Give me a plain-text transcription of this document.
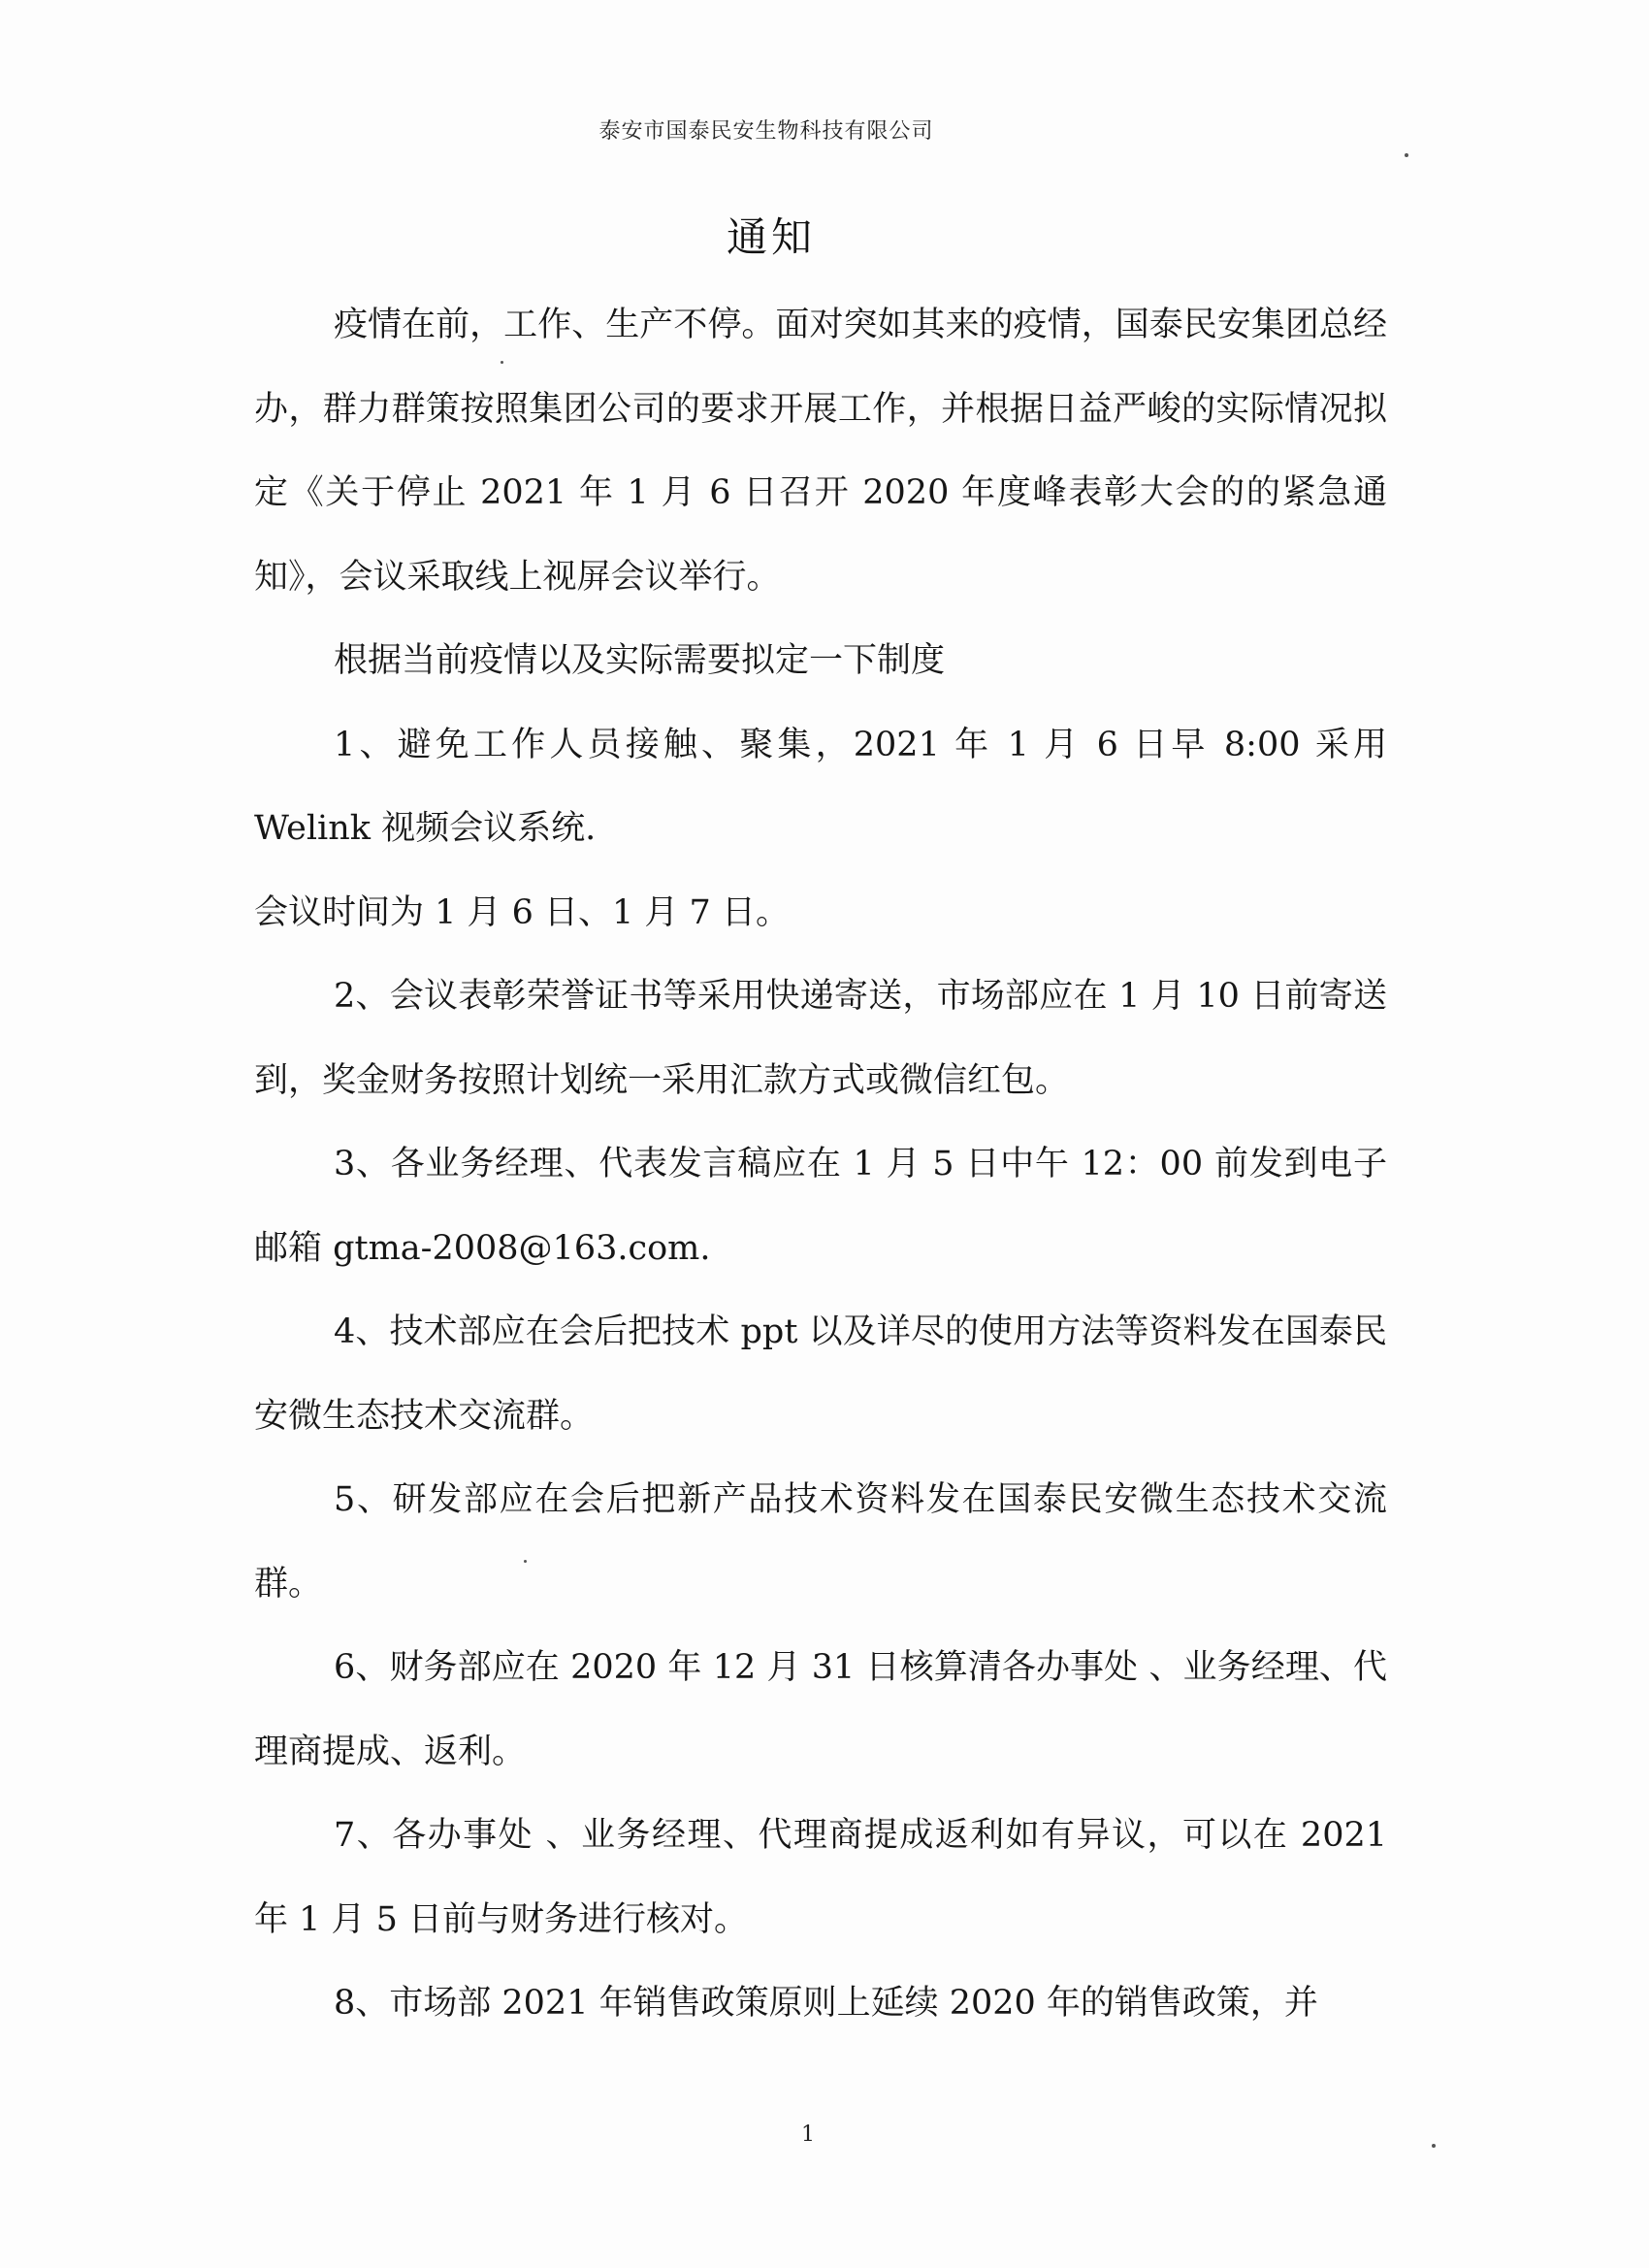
泰安市国泰民安生物科技有限公司
通知

疫情在前，工作、生产不停。面对突如其来的疫情，国泰民安集团总经办，群力群策按照集团公司的要求开展工作，并根据日益严峻的实际情况拟定《关于停止 2021 年 1 月 6 日召开 2020 年度峰表彰大会的的紧急通知》，会议采取线上视屏会议举行。

根据当前疫情以及实际需要拟定一下制度

1、避免工作人员接触、聚集，2021 年 1 月 6 日早 8:00 采用 Welink 视频会议系统.

会议时间为 1 月 6 日、1 月 7 日。

2、会议表彰荣誉证书等采用快递寄送，市场部应在 1 月 10 日前寄送到，奖金财务按照计划统一采用汇款方式或微信红包。

3、各业务经理、代表发言稿应在 1 月 5 日中午 12：00 前发到电子邮箱 gtma-2008@163.com.

4、技术部应在会后把技术 ppt 以及详尽的使用方法等资料发在国泰民安微生态技术交流群。

5、研发部应在会后把新产品技术资料发在国泰民安微生态技术交流群。

6、财务部应在 2020 年 12 月 31 日核算清各办事处 、业务经理、代理商提成、返利。

7、各办事处 、业务经理、代理商提成返利如有异议，可以在 2021 年 1 月 5 日前与财务进行核对。

8、市场部 2021 年销售政策原则上延续 2020 年的销售政策，并

1
